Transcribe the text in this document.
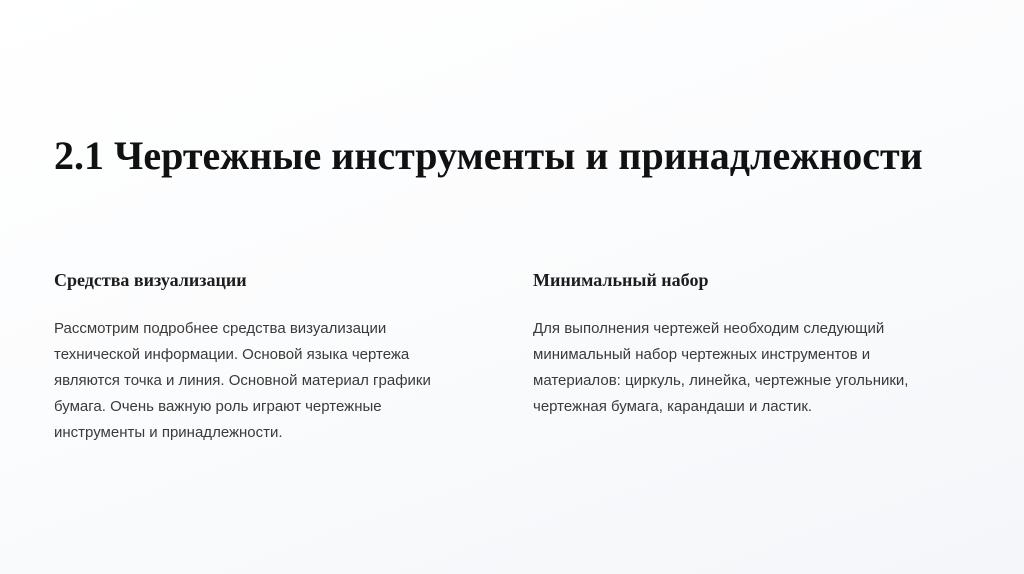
2.1 Чертежные инструменты и принадлежности
Средства визуализации

Рассмотрим подробнее средства визуализации
технической информации. Основой языка чертежа
являются точка и линия. Основной материал графики
бумага. Очень важную роль играют чертежные
инструменты и принадлежности.

Минимальный набор

Для выполнения чертежей необходим следующий
минимальный набор чертежных инструментов и
материалов: циркуль, линейка, чертежные угольники,
чертежная бумага, карандаши и ластик.
